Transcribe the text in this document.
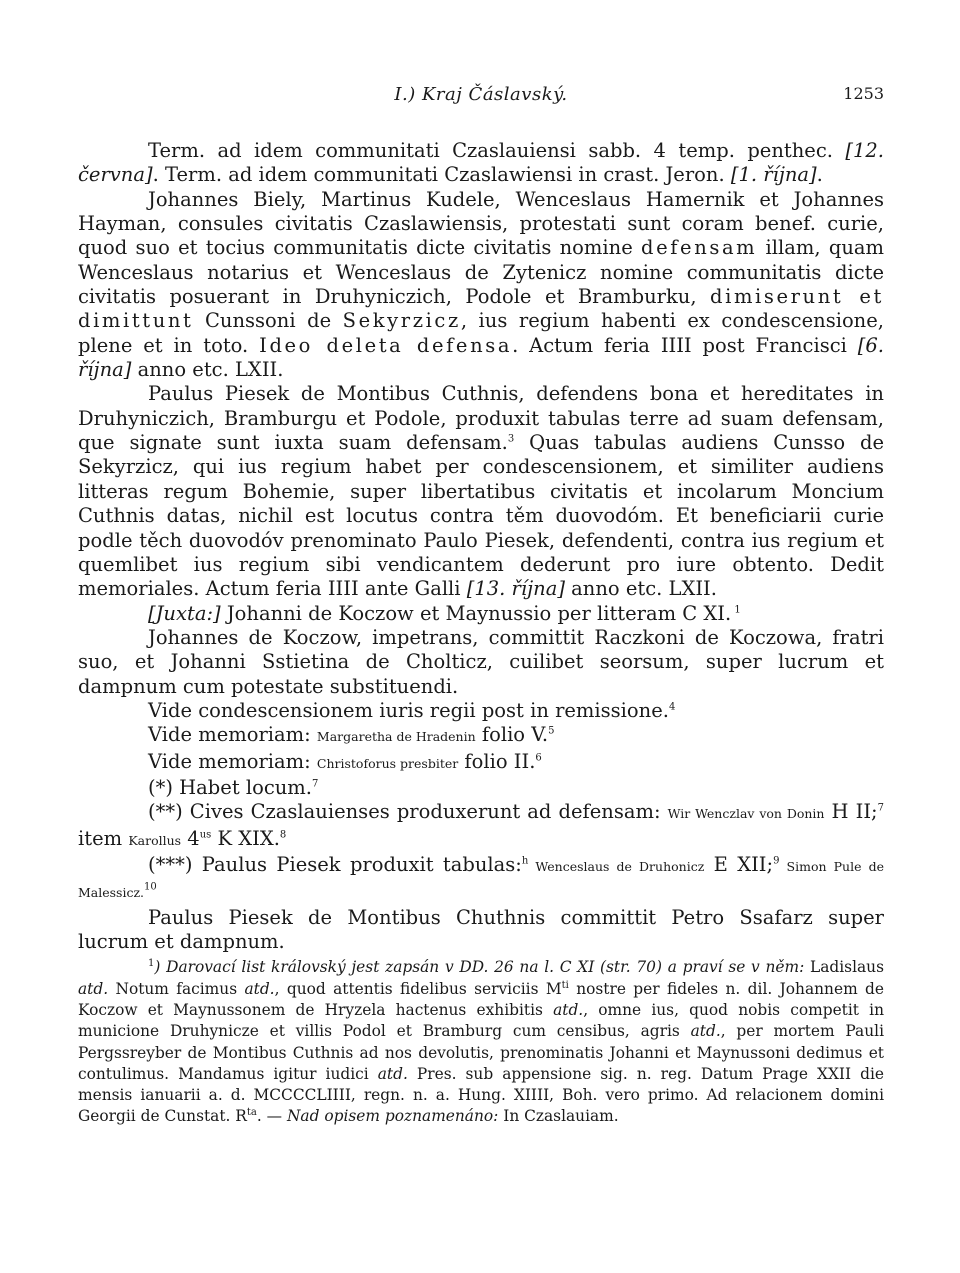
I.) Kraj Čáslavský.	1253

Term. ad idem communitati Czaslauiensi sabb. 4 temp. penthec. [12. června]. Term. ad idem communitati Czaslawiensi in crast. Jeron. [1. října].

Johannes Biely, Martinus Kudele, Wenceslaus Hamernik et Johannes Hayman, consules civitatis Czaslawiensis, protestati sunt coram benef. curie, quod suo et tocius communitatis dicte civitatis nomine defensam illam, quam Wenceslaus notarius et Wenceslaus de Zytenicz nomine communitatis dicte civitatis posuerant in Druhyniczich, Podole et Bramburku, dimiserunt et dimittunt Cunssoni de Sekyrzicz, ius regium habenti ex condescensione, plene et in toto. Ideo deleta defensa. Actum feria IIII post Francisci [6. října] anno etc. LXII.

Paulus Piesek de Montibus Cuthnis, defendens bona et hereditates in Druhyniczich, Bramburgu et Podole, produxit tabulas terre ad suam defensam, que signate sunt iuxta suam defensam.$^3$ Quas tabulas audiens Cunsso de Sekyrzicz, qui ius regium habet per condescensionem, et similiter audiens litteras regum Bohemie, super libertatibus civitatis et incolarum Moncium Cuthnis datas, nichil est locutus contra těm duovodóm. Et beneficiarii curie podle těch duovodóv prenominato Paulo Piesek, defendenti, contra ius regium et quemlibet ius regium sibi vendicantem dederunt pro iure obtento. Dedit memoriales. Actum feria IIII ante Galli [13. října] anno etc. LXII.

[Juxta:] Johanni de Koczow et Maynussio per litteram C XI. $^1$

Johannes de Koczow, impetrans, committit Raczkoni de Koczowa, fratri suo, et Johanni Sstietina de Cholticz, cuilibet seorsum, super lucrum et dampnum cum potestate substituendi.

Vide condescensionem iuris regii post in remissione.$^4$

Vide memoriam: Margaretha de Hradenin folio V.$^5$

Vide memoriam: Christoforus presbiter folio II.$^6$

(*) Habet locum.$^7$

(**) Cives Czaslauienses produxerunt ad defensam: Wir Wenczlav von Donin H II;$^7$ item Karollus $4^{us}$ K XIX.$^8$

(***) Paulus Piesek produxit tabulas:$^h$ Wenceslaus de Druhonicz E XII;$^9$ Simon Pule de Malessicz.$^{10}$

Paulus Piesek de Montibus Chuthnis committit Petro Ssafarz super lucrum et dampnum.

$^1$) Darovací list královský jest zapsán v DD. 26 na l. C XI (str. 70) a praví se v něm: Ladislaus atd. Notum facimus atd., quod attentis fidelibus serviciis $M^{ti}$ nostre per fideles n. dil. Johannem de Koczow et Maynussonem de Hryzela hactenus exhibitis atd., omne ius, quod nobis competit in municione Druhynicze et villis Podol et Bramburg cum censibus, agris atd., per mortem Pauli Pergssreyber de Montibus Cuthnis ad nos devolutis, prenominatis Johanni et Maynussoni dedimus et contulimus. Mandamus igitur iudici atd. Pres. sub appensione sig. n. reg. Datum Prage XXII die mensis ianuarii a. d. MCCCCLIIII, regn. n. a. Hung. XIIII, Boh. vero primo. Ad relacionem domini Georgii de Cunstat. $R^{ta}$. — Nad opisem poznamenáno: In Czaslauiam.
